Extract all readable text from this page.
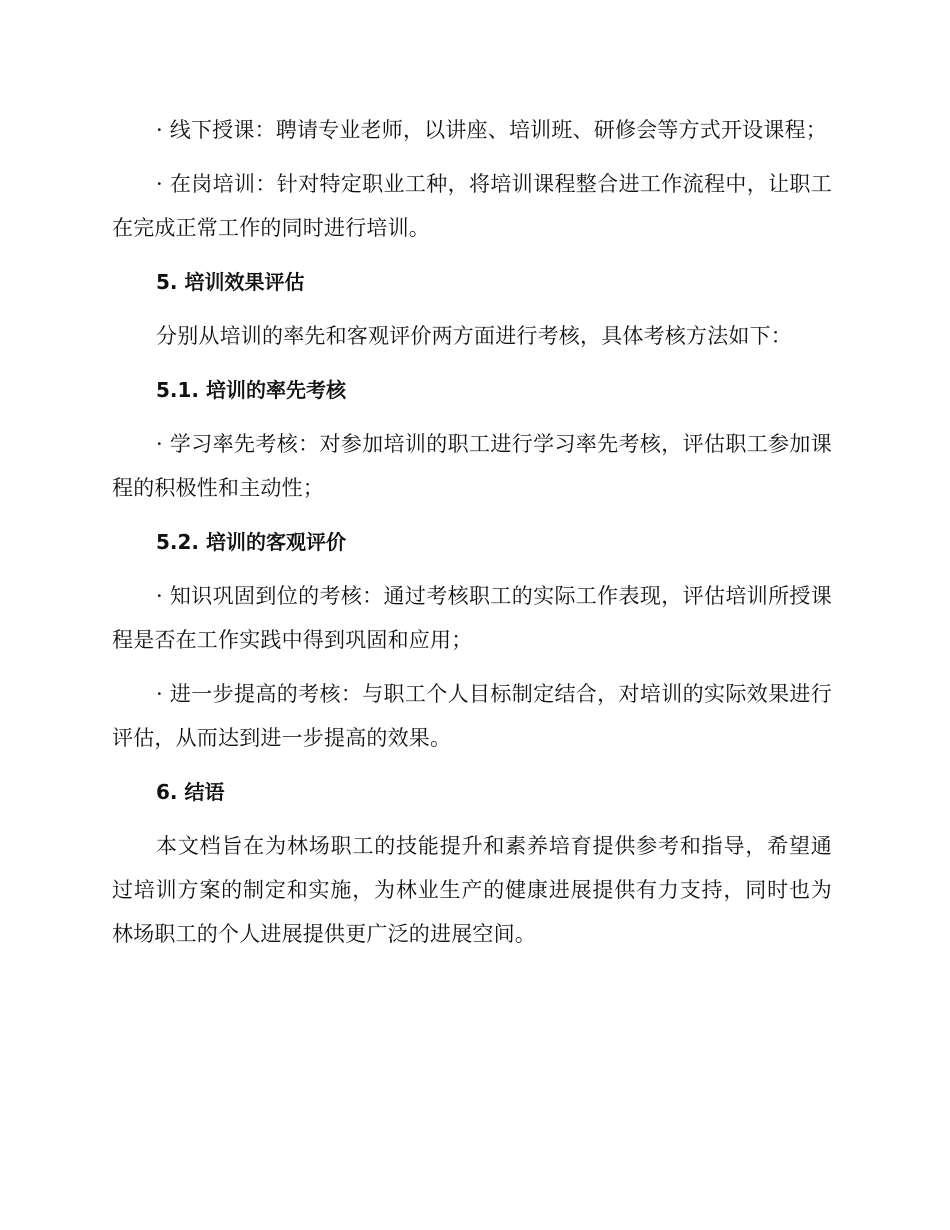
· 线下授课：聘请专业老师，以讲座、培训班、研修会等方式开设课程；

· 在岗培训：针对特定职业工种，将培训课程整合进工作流程中，让职工在完成正常工作的同时进行培训。

5. 培训效果评估

分别从培训的率先和客观评价两方面进行考核，具体考核方法如下：

5.1. 培训的率先考核

· 学习率先考核：对参加培训的职工进行学习率先考核，评估职工参加课程的积极性和主动性；

5.2. 培训的客观评价

· 知识巩固到位的考核：通过考核职工的实际工作表现，评估培训所授课程是否在工作实践中得到巩固和应用；

· 进一步提高的考核：与职工个人目标制定结合，对培训的实际效果进行评估，从而达到进一步提高的效果。

6. 结语

本文档旨在为林场职工的技能提升和素养培育提供参考和指导，希望通过培训方案的制定和实施，为林业生产的健康进展提供有力支持，同时也为林场职工的个人进展提供更广泛的进展空间。
